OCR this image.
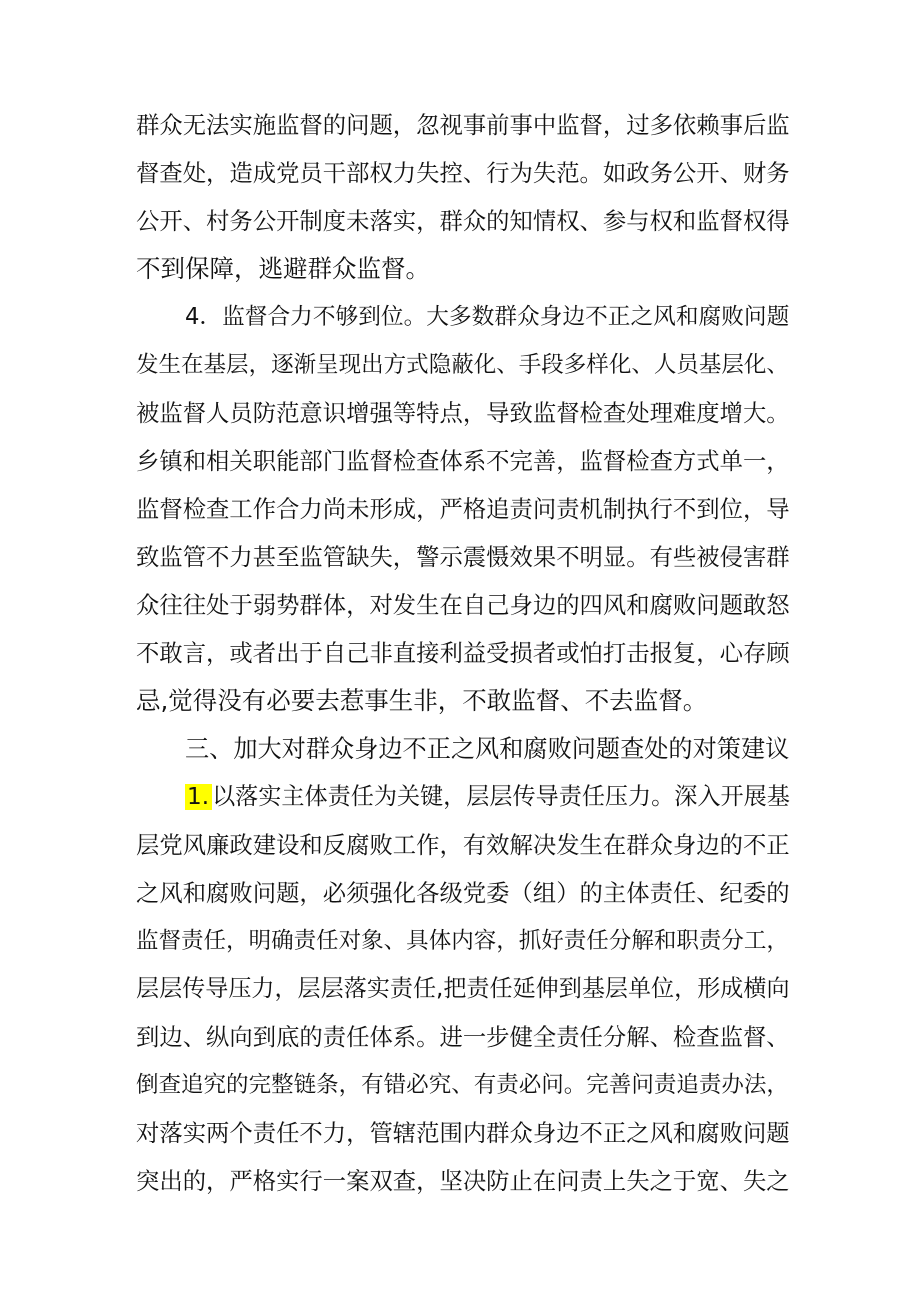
群众无法实施监督的问题，忽视事前事中监督，过多依赖事后监
督查处，造成党员干部权力失控、行为失范。如政务公开、财务
公开、村务公开制度未落实，群众的知情权、参与权和监督权得
不到保障，逃避群众监督。
4．监督合力不够到位。大多数群众身边不正之风和腐败问题
发生在基层，逐渐呈现出方式隐蔽化、手段多样化、人员基层化、
被监督人员防范意识增强等特点，导致监督检查处理难度增大。
乡镇和相关职能部门监督检查体系不完善，监督检查方式单一，
监督检查工作合力尚未形成，严格追责问责机制执行不到位，导
致监管不力甚至监管缺失，警示震慑效果不明显。有些被侵害群
众往往处于弱势群体，对发生在自己身边的四风和腐败问题敢怒
不敢言，或者出于自己非直接利益受损者或怕打击报复，心存顾
忌,觉得没有必要去惹事生非，不敢监督、不去监督。
三、加大对群众身边不正之风和腐败问题查处的对策建议
1. 以落实主体责任为关键，层层传导责任压力。深入开展基
层党风廉政建设和反腐败工作，有效解决发生在群众身边的不正
之风和腐败问题，必须强化各级党委（组）的主体责任、纪委的
监督责任，明确责任对象、具体内容，抓好责任分解和职责分工，
层层传导压力，层层落实责任,把责任延伸到基层单位，形成横向
到边、纵向到底的责任体系。进一步健全责任分解、检查监督、
倒查追究的完整链条，有错必究、有责必问。完善问责追责办法，
对落实两个责任不力，管辖范围内群众身边不正之风和腐败问题
突出的，严格实行一案双查，坚决防止在问责上失之于宽、失之
